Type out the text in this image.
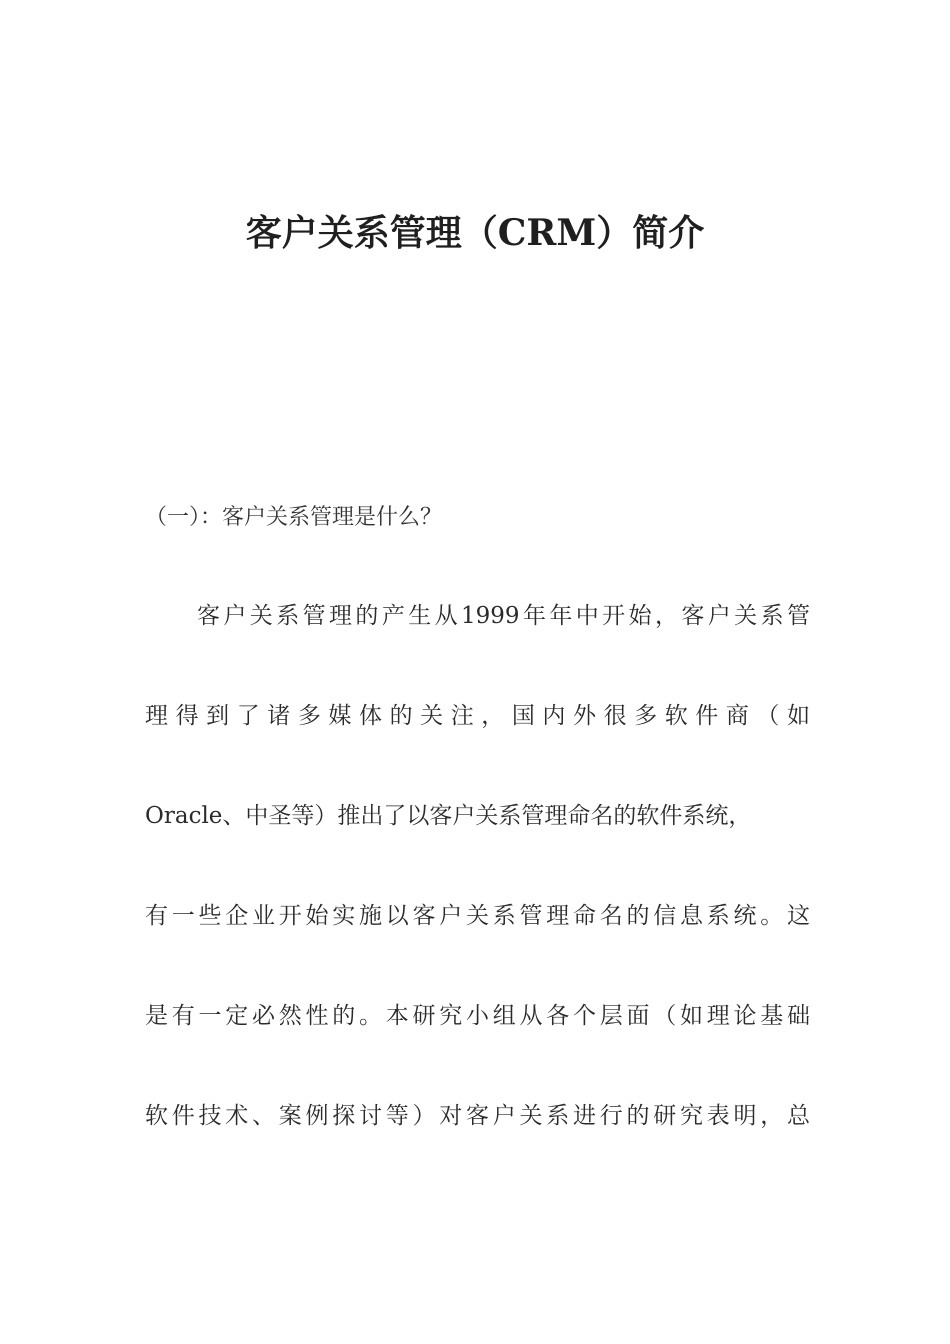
客户关系管理（CRM）简介
（一）：客户关系管理是什么？
客户关系管理的产生从1999年年中开始，客户关系管
理得到了诸多媒体的关注，国内外很多软件商（如
Oracle、中圣等）推出了以客户关系管理命名的软件系统，
有一些企业开始实施以客户关系管理命名的信息系统。这
是有一定必然性的。本研究小组从各个层面（如理论基础
软件技术、案例探讨等）对客户关系进行的研究表明，总
